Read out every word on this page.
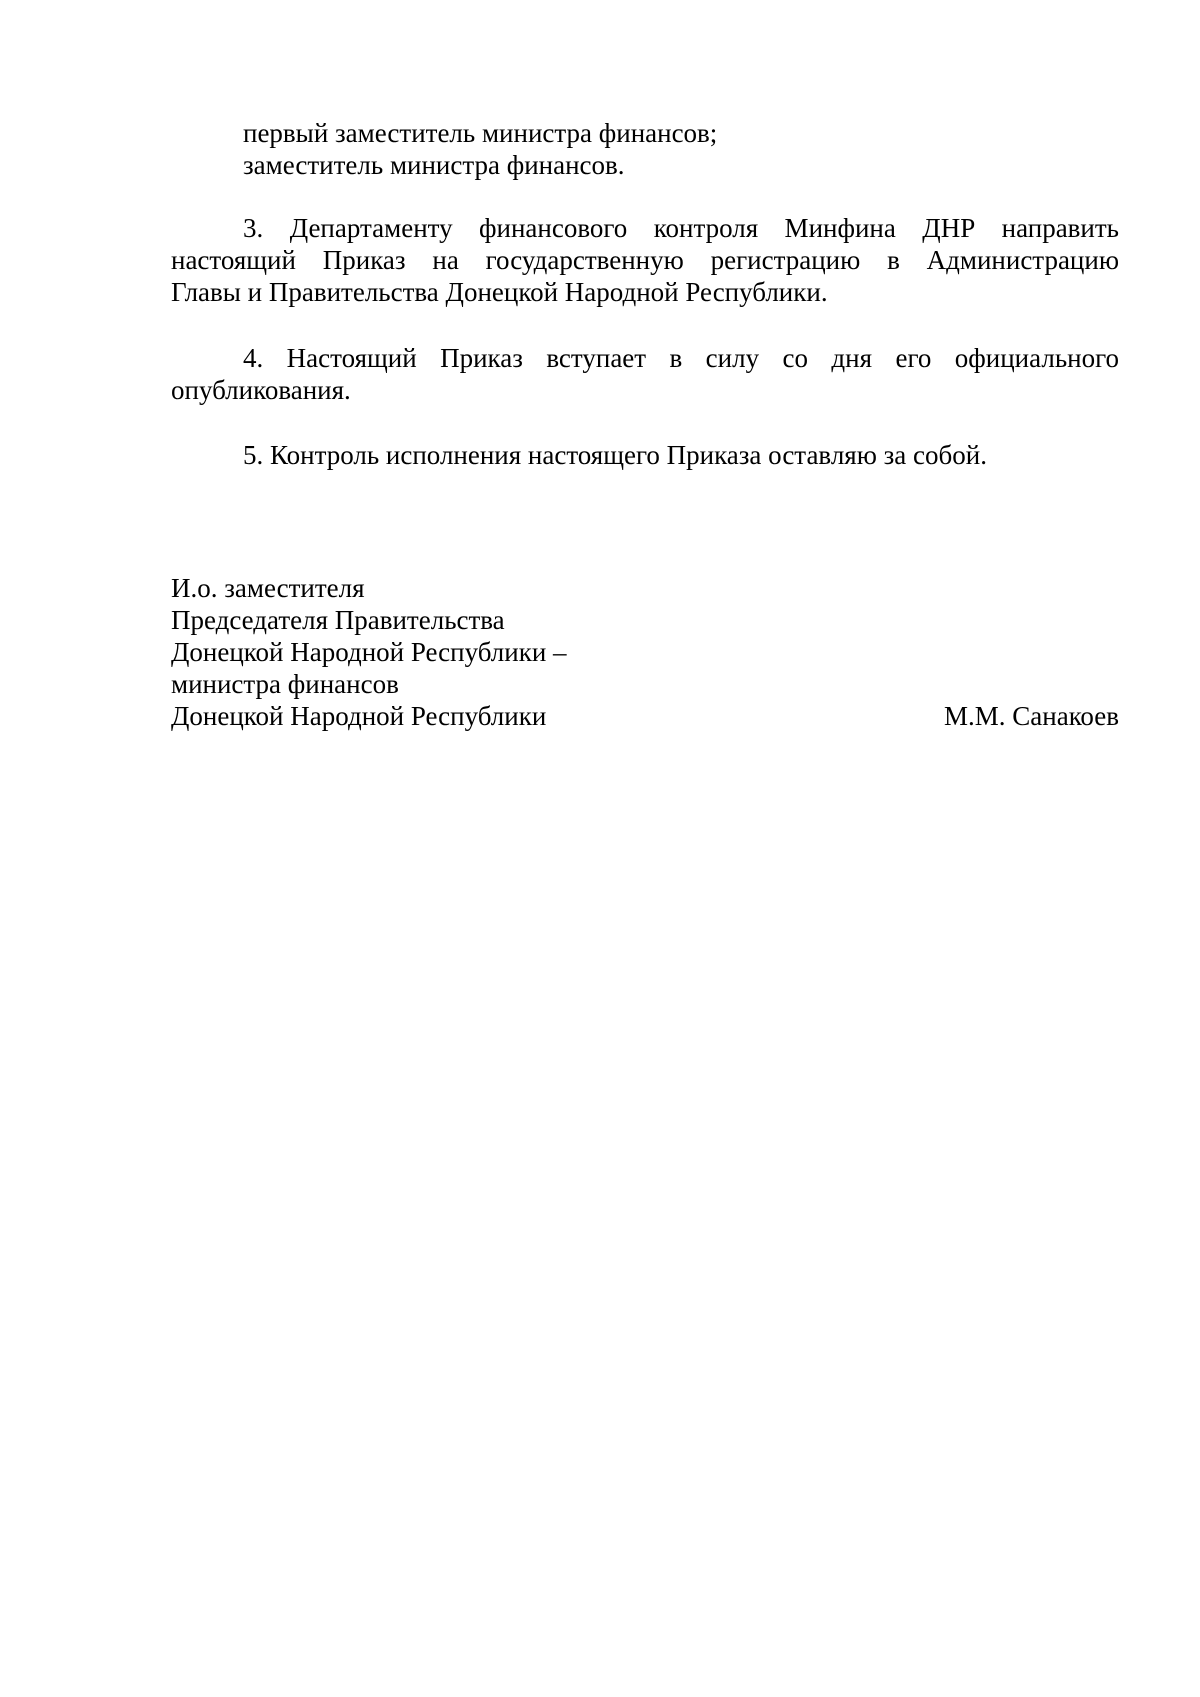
первый заместитель министра финансов;
заместитель министра финансов.
3. Департаменту финансового контроля Минфина ДНР направить
настоящий Приказ на государственную регистрацию в Администрацию
Главы и Правительства Донецкой Народной Республики.
4. Настоящий Приказ вступает в силу со дня его официального
опубликования.
5. Контроль исполнения настоящего Приказа оставляю за собой.
И.о. заместителя
Председателя Правительства
Донецкой Народной Республики –
министра финансов
Донецкой Народной Республики	М.М. Санакоев
